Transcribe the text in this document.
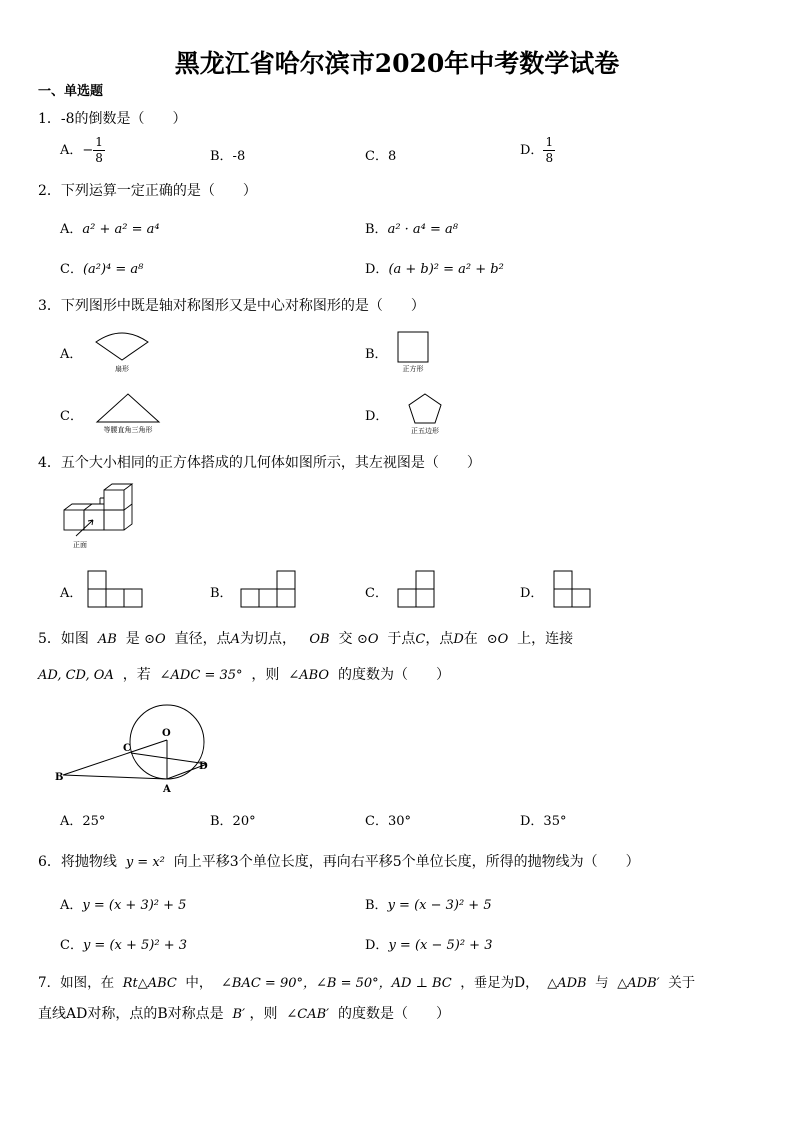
黑龙江省哈尔滨市2020年中考数学试卷
一、单选题
1．-8的倒数是（　　）
A．− $\frac{1}{8}$	B．-8	C．8	D． $\frac{1}{8}$
2．下列运算一定正确的是（　　）
A．a² + a² = a⁴	B．a² · a⁴ = a⁸
C．(a²)⁴ = a⁸	D．(a + b)² = a² + b²
3．下列图形中既是轴对称图形又是中心对称图形的是（　　）
A．
扇形
B．
正方形
C．
等腰直角三角形
D．
正五边形
4．五个大小相同的正方体搭成的几何体如图所示，其左视图是（　　）
正面
A．	B．	C．	D．
5．如图 AB 是 ⊙O 直径，点A为切点， OB 交 ⊙O 于点C，点D在 ⊙O 上，连接
AD, CD, OA ，若 ∠ADC = 35° ，则 ∠ABO 的度数为（　　）
O
C
B
A
D
A．25°	B．20°	C．30°	D．35°
6．将抛物线 y = x² 向上平移3个单位长度，再向右平移5个单位长度，所得的抛物线为（　　）
A．y = (x + 3)² + 5	B．y = (x − 3)² + 5
C．y = (x + 5)² + 3	D．y = (x − 5)² + 3
7．如图，在 Rt△ABC 中， ∠BAC = 90°，∠B = 50°，AD ⊥ BC ，垂足为D， △ADB 与 △ADB′ 关于
直线AD对称，点的B对称点是 B′ ，则 ∠CAB′ 的度数是（　　）
